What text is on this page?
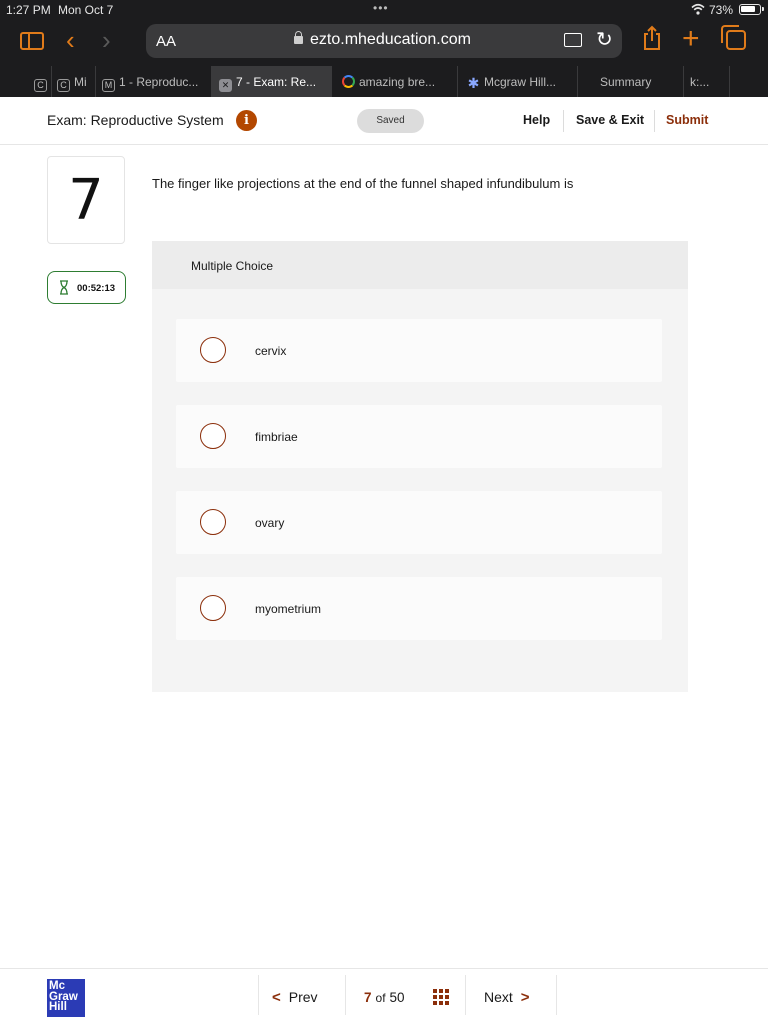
1:27 PM Mon Oct 7	•••	73%
‹ ›	AA	ezto.mheducation.com	↻ +
C	C Mi	M 1 - Reproduc...	✕ 7 - Exam: Re...	amazing bre...	✱ Mcgraw Hill...	Summary	k:...
Exam: Reproductive System	i	Saved	Help Save & Exit Submit
7
00:52:13

The finger like projections at the end of the funnel shaped infundibulum is

Multiple Choice
cervix
fimbriae
ovary
myometrium
Mc
Graw
Hill
< Prev	7 of 50	Next >
